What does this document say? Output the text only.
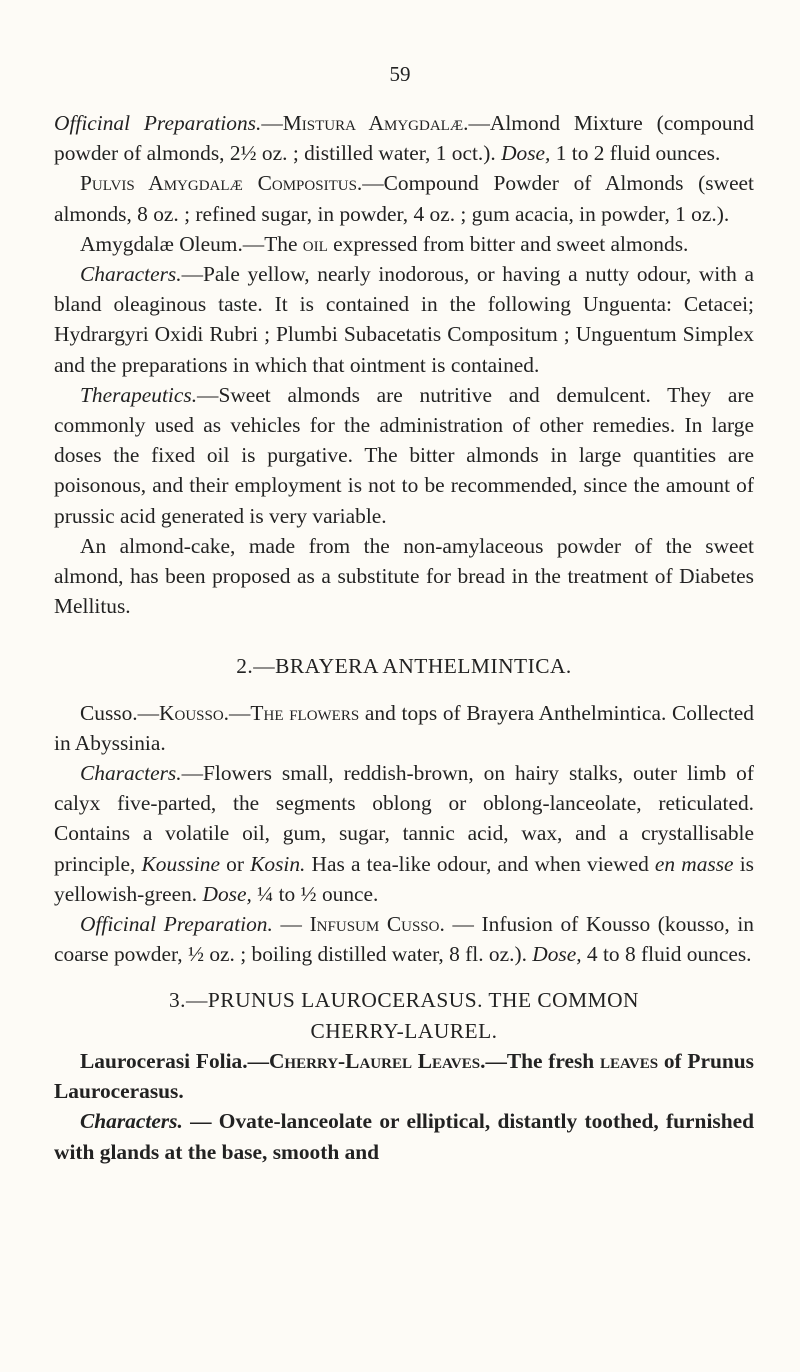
59

Officinal Preparations.—Mistura Amygdalæ.—Almond Mixture (compound powder of almonds, 2½ oz. ; distilled water, 1 oct.). Dose, 1 to 2 fluid ounces.

Pulvis Amygdalæ Compositus.—Compound Powder of Almonds (sweet almonds, 8 oz. ; refined sugar, in powder, 4 oz. ; gum acacia, in powder, 1 oz.).

Amygdalæ Oleum.—The oil expressed from bitter and sweet almonds.

Characters.—Pale yellow, nearly inodorous, or having a nutty odour, with a bland oleaginous taste. It is contained in the following Unguenta: Cetacei; Hydrargyri Oxidi Rubri ; Plumbi Subacetatis Compositum ; Unguentum Simplex and the preparations in which that ointment is contained.

Therapeutics.—Sweet almonds are nutritive and demulcent. They are commonly used as vehicles for the administration of other remedies. In large doses the fixed oil is purgative. The bitter almonds in large quantities are poisonous, and their employment is not to be recommended, since the amount of prussic acid generated is very variable.

An almond-cake, made from the non-amylaceous powder of the sweet almond, has been proposed as a substitute for bread in the treatment of Diabetes Mellitus.

2.—BRAYERA ANTHELMINTICA.

Cusso.—Kousso.—The flowers and tops of Brayera Anthelmintica. Collected in Abyssinia.

Characters.—Flowers small, reddish-brown, on hairy stalks, outer limb of calyx five-parted, the segments oblong or oblong-lanceolate, reticulated. Contains a volatile oil, gum, sugar, tannic acid, wax, and a crystallisable principle, Koussine or Kosin. Has a tea-like odour, and when viewed en masse is yellowish-green. Dose, ¼ to ½ ounce.

Officinal Preparation. — Infusum Cusso. — Infusion of Kousso (kousso, in coarse powder, ½ oz. ; boiling distilled water, 8 fl. oz.). Dose, 4 to 8 fluid ounces.

3.—PRUNUS LAUROCERASUS. THE COMMON
CHERRY-LAUREL.

Laurocerasi Folia.—Cherry-Laurel Leaves.—The fresh leaves of Prunus Laurocerasus.

Characters. — Ovate-lanceolate or elliptical, distantly toothed, furnished with glands at the base, smooth and
